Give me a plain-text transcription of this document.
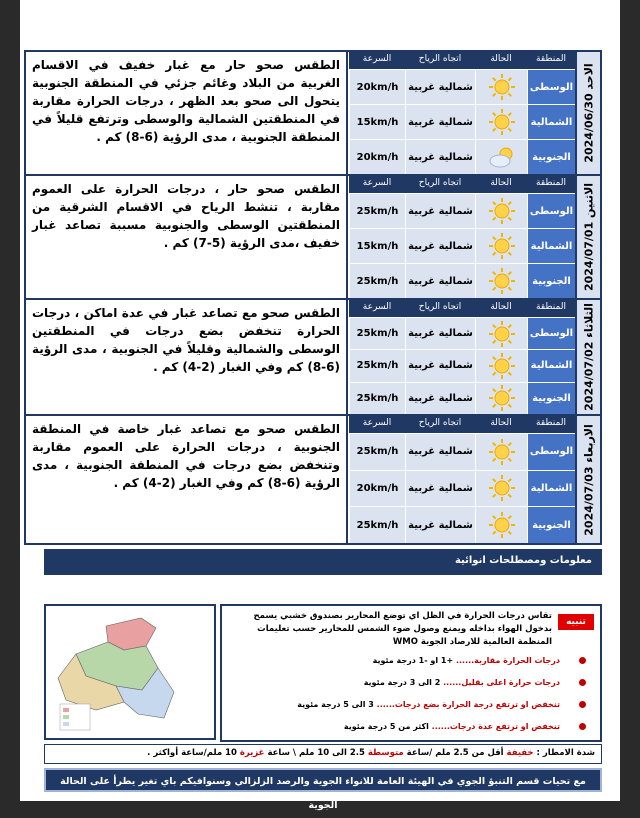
الطقس صحو حار مع غبار خفيف في الاقسام الغربية من البلاد وغائم جزئي في المنطقة الجنوبية يتحول الى صحو بعد الظهر ، درجات الحرارة مقاربة في المنطقتين الشمالية والوسطى وترتفع قليلاً في المنطقة الجنوبية ، مدى الرؤية (6-8) كم .
السرعة	اتجاه الرياح	الحالة	المنطقة
20km/h شمالية غربية	الوسطى
15km/h شمالية غربية	الشمالية
20km/h شمالية غربية	الجنوبية	الاحد 2024/06/30
الطقس صحو حار ، درجات الحرارة على العموم مقاربة ، تنشط الرياح في الاقسام الشرقية من المنطقتين الوسطى والجنوبية مسببة تصاعد غبار خفيف ،مدى الرؤية (5-7) كم .
السرعة	اتجاه الرياح	الحالة	المنطقة
25km/h شمالية غربية	الوسطى
15km/h شمالية غربية	الشمالية
25km/h شمالية غربية	الجنوبية	الاثنين 2024/07/01
الطقس صحو مع تصاعد غبار في عدة اماكن ، درجات الحرارة تنخفض بضع درجات في المنطقتين الوسطى والشمالية وقليلاً في الجنوبية ، مدى الرؤية (6-8) كم وفي الغبار (2-4) كم .
السرعة	اتجاه الرياح	الحالة	المنطقة
25km/h شمالية غربية	الوسطى
25km/h شمالية غربية	الشمالية
25km/h شمالية غربية	الجنوبية	الثلاثاء 2024/07/02
الطقس صحو مع تصاعد غبار خاصة في المنطقة الجنوبية ، درجات الحرارة على العموم مقاربة وتنخفض بضع درجات في المنطقة الجنوبية ، مدى الرؤية (6-8) كم وفي الغبار (2-4) كم .
السرعة	اتجاه الرياح	الحالة	المنطقة
25km/h شمالية غربية	الوسطى
20km/h شمالية غربية	الشمالية
25km/h شمالية غربية	الجنوبية	الاربعاء 2024/07/03
معلومات ومصطلحات انوائية
تنبيه
تقاس درجات الحرارة في الظل اي توضع المحارير بصندوق خشبي يسمح بدخول الهواء بداخله ويمنع وصول ضوء الشمس للمحارير حسب تعليمات المنظمة العالمية للارصاد الجوية WMO
درجات الحرارة مقاربة...... +1 او -1 درجة مئوية
درجات حرارة اعلى بقليل...... 2 الى 3 درجة مئوية
تنخفض او ترتفع درجة الحرارة بضع درجات...... 3 الى 5 درجة مئوية
تنخفض او ترتفع عدة درجات...... اكثر من 5 درجة مئوية
شدة الامطار : خفيفة أقل من 2.5 ملم /ساعة متوسطة 2.5 الى 10 ملم \ ساعة غزيرة 10 ملم/ساعة أواكثر .
مع تحيات قسم التنبؤ الجوي في الهيئة العامة للانواء الجوية والرصد الزلزالي وسنوافيكم باي تغير يطرأ على الحالة الجوية
